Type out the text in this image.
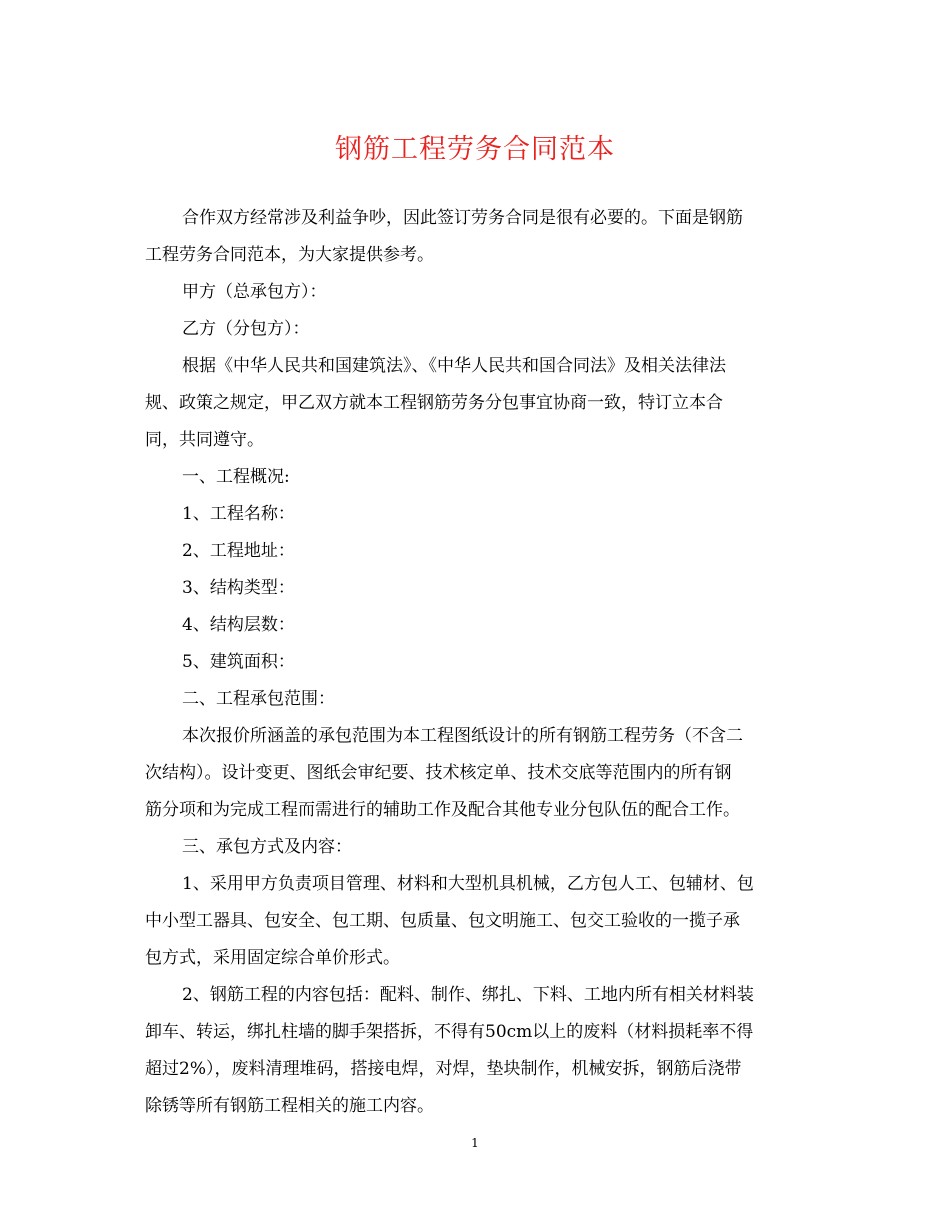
钢筋工程劳务合同范本
合作双方经常涉及利益争吵，因此签订劳务合同是很有必要的。下面是钢筋
工程劳务合同范本，为大家提供参考。
甲方（总承包方）：
乙方（分包方）：
根据《中华人民共和国建筑法》、《中华人民共和国合同法》及相关法律法
规、政策之规定，甲乙双方就本工程钢筋劳务分包事宜协商一致，特订立本合
同，共同遵守。
一、工程概况:
1、工程名称：
2、工程地址：
3、结构类型：
4、结构层数：
5、建筑面积：
二、工程承包范围：
本次报价所涵盖的承包范围为本工程图纸设计的所有钢筋工程劳务（不含二
次结构）。设计变更、图纸会审纪要、技术核定单、技术交底等范围内的所有钢
筋分项和为完成工程而需进行的辅助工作及配合其他专业分包队伍的配合工作。
三、承包方式及内容：
1、采用甲方负责项目管理、材料和大型机具机械，乙方包人工、包辅材、包
中小型工器具、包安全、包工期、包质量、包文明施工、包交工验收的一揽子承
包方式，采用固定综合单价形式。
2、钢筋工程的内容包括：配料、制作、绑扎、下料、工地内所有相关材料装
卸车、转运，绑扎柱墙的脚手架搭拆，不得有50cm以上的废料（材料损耗率不得
超过2%），废料清理堆码，搭接电焊，对焊，垫块制作，机械安拆，钢筋后浇带
除锈等所有钢筋工程相关的施工内容。
1
